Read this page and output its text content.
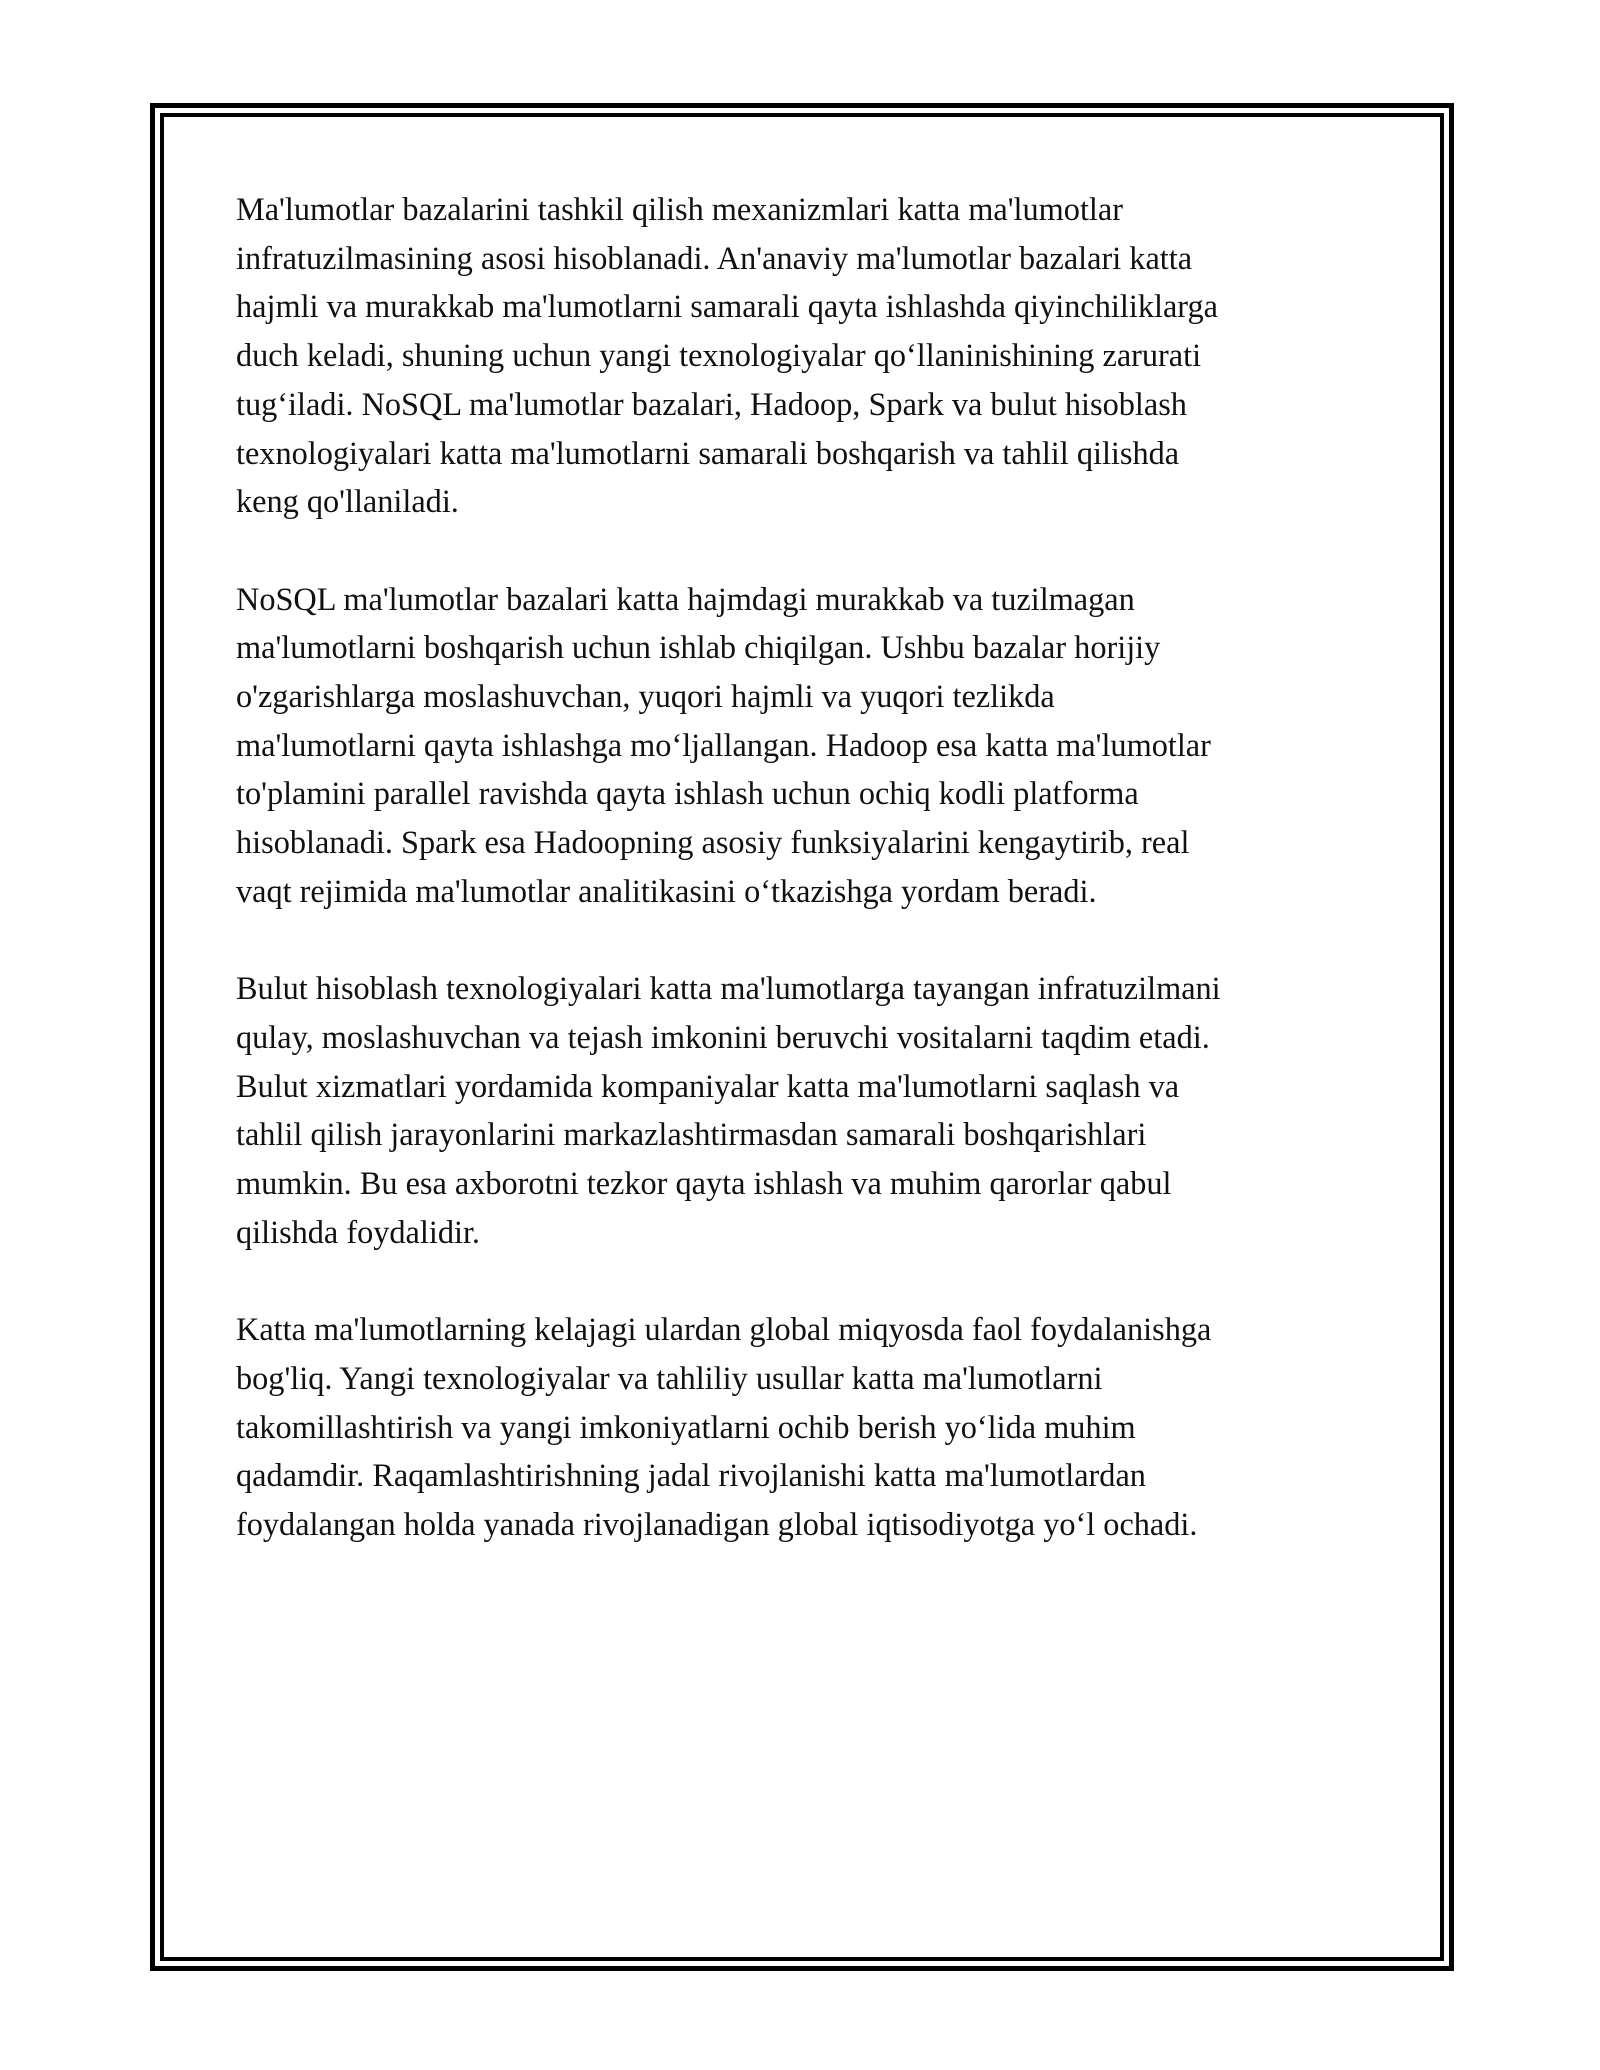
Ma'lumotlar bazalarini tashkil qilish mexanizmlari katta ma'lumotlar
infratuzilmasining asosi hisoblanadi. An'anaviy ma'lumotlar bazalari katta
hajmli va murakkab ma'lumotlarni samarali qayta ishlashda qiyinchiliklarga
duch keladi, shuning uchun yangi texnologiyalar qo‘llaninishining zarurati
tug‘iladi. NoSQL ma'lumotlar bazalari, Hadoop, Spark va bulut hisoblash
texnologiyalari katta ma'lumotlarni samarali boshqarish va tahlil qilishda
keng qo'llaniladi.

NoSQL ma'lumotlar bazalari katta hajmdagi murakkab va tuzilmagan
ma'lumotlarni boshqarish uchun ishlab chiqilgan. Ushbu bazalar horijiy
o'zgarishlarga moslashuvchan, yuqori hajmli va yuqori tezlikda
ma'lumotlarni qayta ishlashga mo‘ljallangan. Hadoop esa katta ma'lumotlar
to'plamini parallel ravishda qayta ishlash uchun ochiq kodli platforma
hisoblanadi. Spark esa Hadoopning asosiy funksiyalarini kengaytirib, real
vaqt rejimida ma'lumotlar analitikasini o‘tkazishga yordam beradi.

Bulut hisoblash texnologiyalari katta ma'lumotlarga tayangan infratuzilmani
qulay, moslashuvchan va tejash imkonini beruvchi vositalarni taqdim etadi.
Bulut xizmatlari yordamida kompaniyalar katta ma'lumotlarni saqlash va
tahlil qilish jarayonlarini markazlashtirmasdan samarali boshqarishlari
mumkin. Bu esa axborotni tezkor qayta ishlash va muhim qarorlar qabul
qilishda foydalidir.

Katta ma'lumotlarning kelajagi ulardan global miqyosda faol foydalanishga
bog'liq. Yangi texnologiyalar va tahliliy usullar katta ma'lumotlarni
takomillashtirish va yangi imkoniyatlarni ochib berish yo‘lida muhim
qadamdir. Raqamlashtirishning jadal rivojlanishi katta ma'lumotlardan
foydalangan holda yanada rivojlanadigan global iqtisodiyotga yo‘l ochadi.
